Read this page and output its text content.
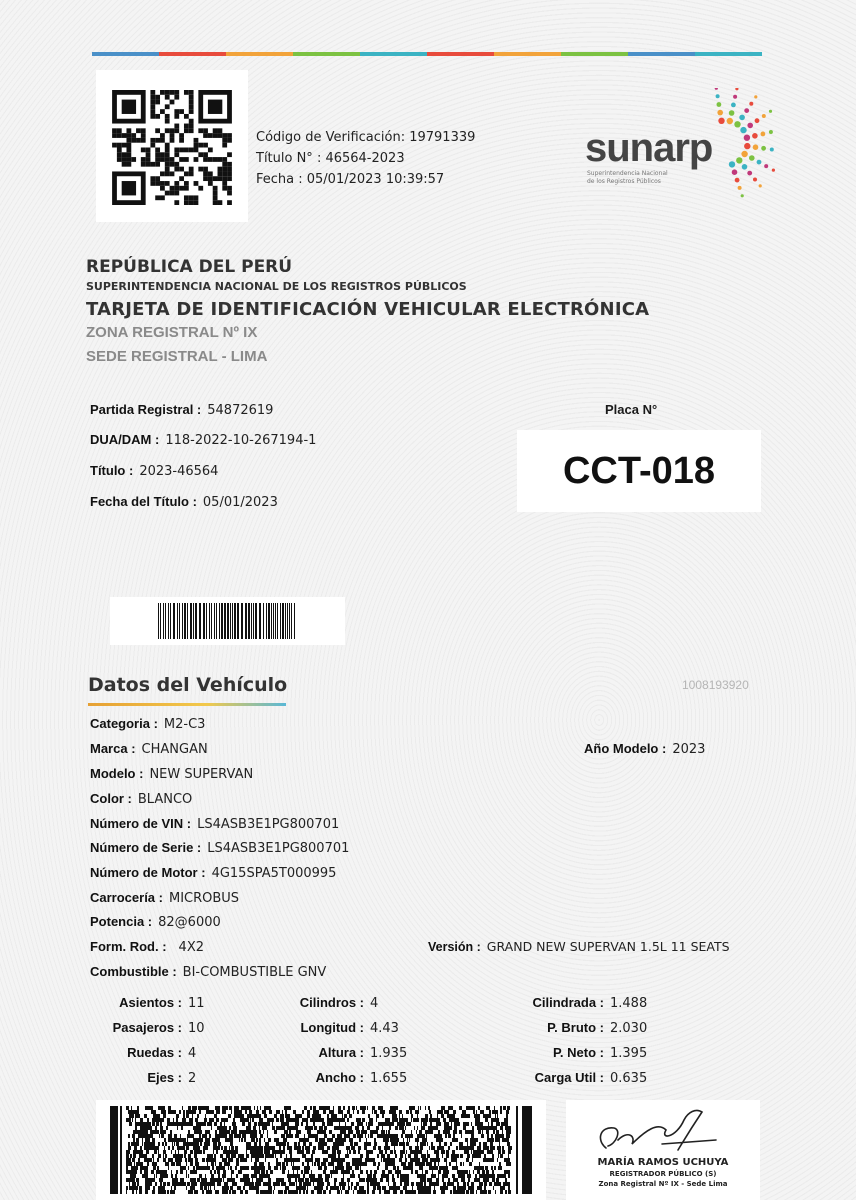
Código de Verificación: 19791339
Título N° : 46564-2023
Fecha : 05/01/2023 10:39:57
sunarp
Superintendencia Nacional
de los Registros Públicos
REPÚBLICA DEL PERÚ
SUPERINTENDENCIA NACIONAL DE LOS REGISTROS PÚBLICOS
TARJETA DE IDENTIFICACIÓN VEHICULAR ELECTRÓNICA
ZONA REGISTRAL Nº IX
SEDE REGISTRAL - LIMA
Partida Registral : 54872619
DUA/DAM : 118-2022-10-267194-1
Título : 2023-46564
Fecha del Título : 05/01/2023
Placa N°
CCT-018
Datos del Vehículo	1008193920
Categoria : M2-C3
Marca : CHANGAN	Año Modelo : 2023
Modelo : NEW SUPERVAN
Color : BLANCO
Número de VIN : LS4ASB3E1PG800701
Número de Serie : LS4ASB3E1PG800701
Número de Motor : 4G15SPA5T000995
Carrocería : MICROBUS
Potencia : 82@6000
Form. Rod. : 4X2	Versión : GRAND NEW SUPERVAN 1.5L 11 SEATS
Combustible : BI-COMBUSTIBLE GNV
Asientos : 11	Cilindros : 4	Cilindrada : 1.488
Pasajeros : 10	Longitud : 4.43	P. Bruto : 2.030
Ruedas : 4	Altura : 1.935	P. Neto : 1.395
Ejes : 2	Ancho : 1.655	Carga Util : 0.635
MARÍA RAMOS UCHUYA
REGISTRADOR PÚBLICO (S)
Zona Registral Nº IX - Sede Lima
